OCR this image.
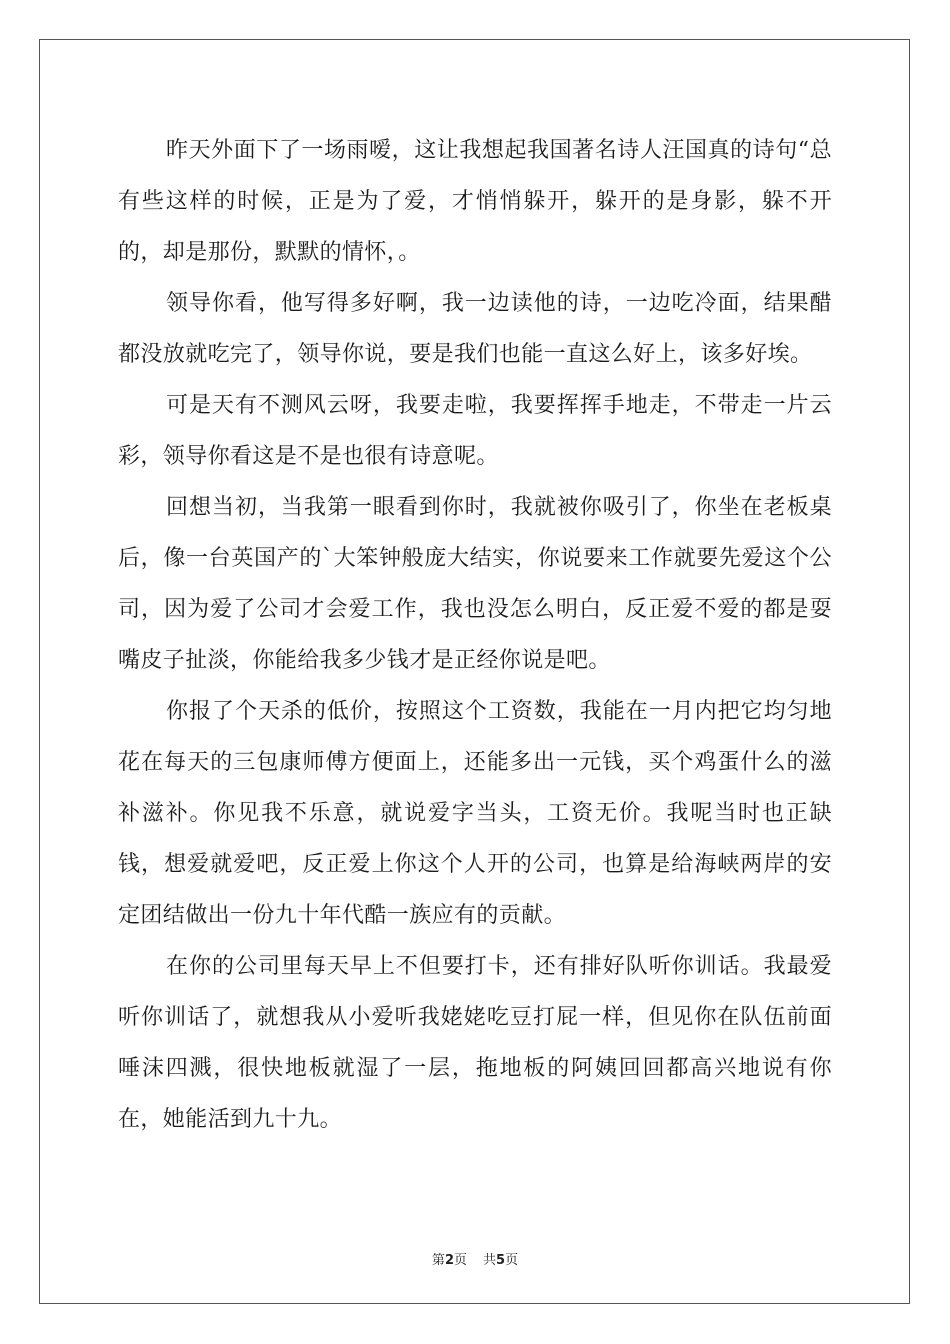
昨天外面下了一场雨嗳，这让我想起我国著名诗人汪国真的诗句“总有些这样的时候，正是为了爱，才悄悄躲开，躲开的是身影，躲不开的，却是那份，默默的情怀，。

领导你看，他写得多好啊，我一边读他的诗，一边吃冷面，结果醋都没放就吃完了，领导你说，要是我们也能一直这么好上，该多好埃。

可是天有不测风云呀，我要走啦，我要挥挥手地走，不带走一片云彩，领导你看这是不是也很有诗意呢。

回想当初，当我第一眼看到你时，我就被你吸引了，你坐在老板桌后，像一台英国产的`大笨钟般庞大结实，你说要来工作就要先爱这个公司，因为爱了公司才会爱工作，我也没怎么明白，反正爱不爱的都是耍嘴皮子扯淡，你能给我多少钱才是正经你说是吧。

你报了个天杀的低价，按照这个工资数，我能在一月内把它均匀地花在每天的三包康师傅方便面上，还能多出一元钱，买个鸡蛋什么的滋补滋补。你见我不乐意，就说爱字当头，工资无价。我呢当时也正缺钱，想爱就爱吧，反正爱上你这个人开的公司，也算是给海峡两岸的安定团结做出一份九十年代酷一族应有的贡献。

在你的公司里每天早上不但要打卡，还有排好队听你训话。我最爱听你训话了，就想我从小爱听我姥姥吃豆打屁一样，但见你在队伍前面唾沫四溅，很快地板就湿了一层，拖地板的阿姨回回都高兴地说有你在，她能活到九十九。

第2页 共5页
